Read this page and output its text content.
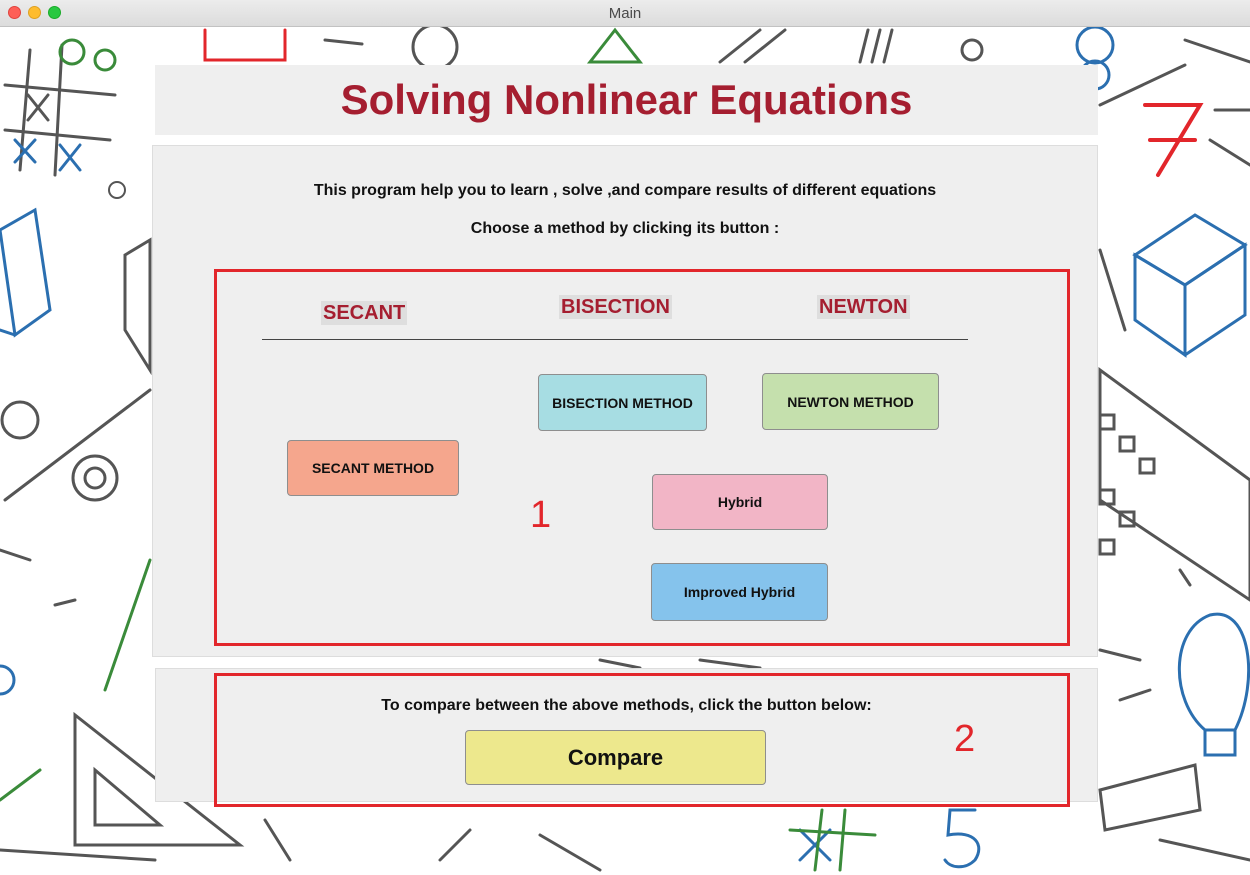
Main
Solving Nonlinear Equations
This program help you to learn , solve ,and compare results of different equations
Choose a method by clicking its button :
SECANT	BISECTION	NEWTON
BISECTION METHOD	NEWTON METHOD
SECANT METHOD
Hybrid
Improved Hybrid
1
To compare between the above methods, click the button below:
Compare	2
